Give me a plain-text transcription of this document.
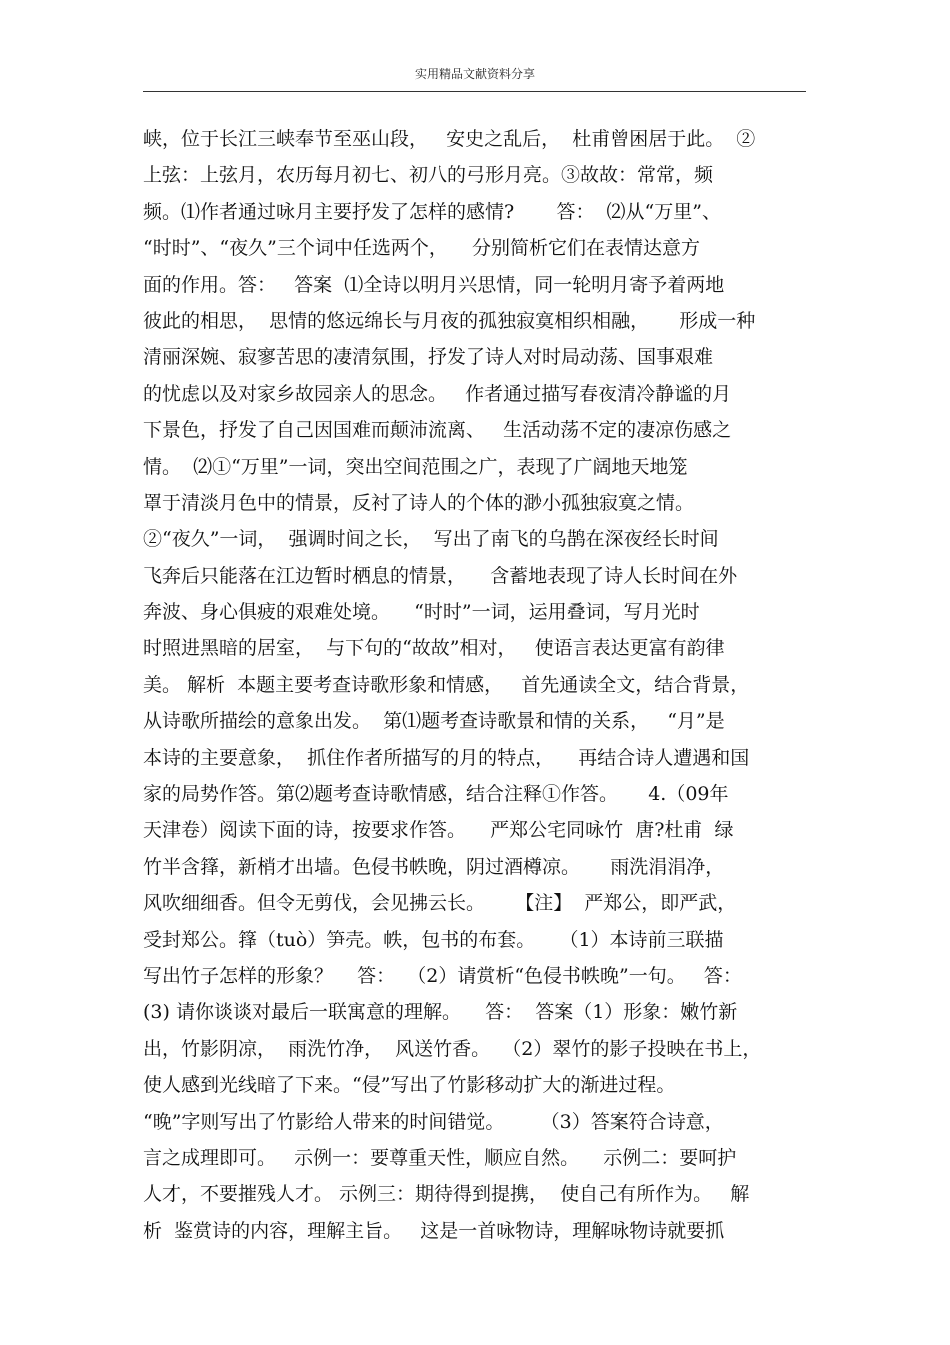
实用精品文献资料分享
峡，位于长江三峡奉节至巫山段，   安史之乱后，  杜甫曾困居于此。  ②
上弦：上弦月，农历每月初七、初八的弓形月亮。③故故：常常，频
频。⑴作者通过咏月主要抒发了怎样的感情?       答：  ⑵从“万里”、
“时时”、“夜久”三个词中任选两个，    分别简析它们在表情达意方
面的作用。答：   答案  ⑴全诗以明月兴思情，同一轮明月寄予着两地
彼此的相思，  思情的悠远绵长与月夜的孤独寂寞相织相融，     形成一种
清丽深婉、寂寥苦思的凄清氛围，抒发了诗人对时局动荡、国事艰难
的忧虑以及对家乡故园亲人的思念。   作者通过描写春夜清冷静谧的月
下景色，抒发了自己因国难而颠沛流离、   生活动荡不定的凄凉伤感之
情。  ⑵①“万里”一词，突出空间范围之广，表现了广阔地天地笼
罩于清淡月色中的情景，反衬了诗人的个体的渺小孤独寂寞之情。
②“夜久”一词，  强调时间之长，  写出了南飞的乌鹊在深夜经长时间
飞奔后只能落在江边暂时栖息的情景，    含蓄地表现了诗人长时间在外
奔波、身心俱疲的艰难处境。    “时时”一词，运用叠词，写月光时
时照进黑暗的居室，  与下句的“故故”相对，   使语言表达更富有韵律
美。 解析  本题主要考查诗歌形象和情感，   首先通读全文，结合背景，
从诗歌所描绘的意象出发。  第⑴题考查诗歌景和情的关系，   “月”是
本诗的主要意象，  抓住作者所描写的月的特点，    再结合诗人遭遇和国
家的局势作答。第⑵题考查诗歌情感，结合注释①作答。     4.（09年
天津卷）阅读下面的诗，按要求作答。    严郑公宅同咏竹  唐?杜甫  绿
竹半含箨，新梢才出墙。色侵书帙晚，阴过酒樽凉。     雨洗涓涓净，
风吹细细香。但令无剪伐，会见拂云长。     【注】  严郑公，即严武，
受封郑公。箨（tuò）笋壳。帙，包书的布套。    （1）本诗前三联描
写出竹子怎样的形象？    答：  （2）请赏析“色侵书帙晚”一句。   答：
(3) 请你谈谈对最后一联寓意的理解。    答：  答案（1）形象：嫩竹新
出，竹影阴凉，  雨洗竹净，  风送竹香。  （2）翠竹的影子投映在书上，
使人感到光线暗了下来。“侵”写出了竹影移动扩大的渐进过程。
“晚”字则写出了竹影给人带来的时间错觉。      （3）答案符合诗意，
言之成理即可。   示例一：要尊重天性，顺应自然。    示例二：要呵护
人才，不要摧残人才。 示例三：期待得到提携，  使自己有所作为。   解
析  鉴赏诗的内容，理解主旨。   这是一首咏物诗，理解咏物诗就要抓
